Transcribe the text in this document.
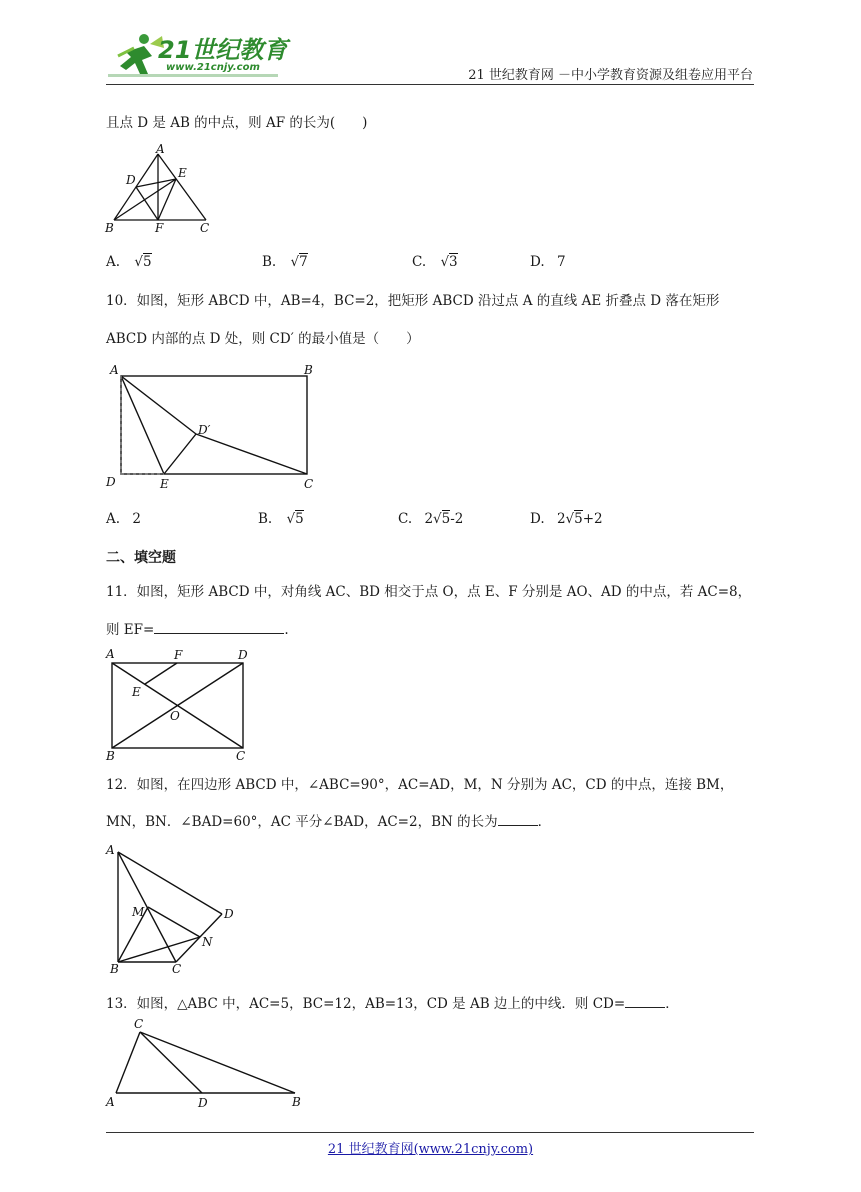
21世纪教育
www.21cnjy.com
21 世纪教育网 －中小学教育资源及组卷应用平台
且点 D 是 AB 的中点，则 AF 的长为(　　)
A
D	E
B	F	C
A. √5	B. √7	C. √3	D. 7
10．如图，矩形 ABCD 中，AB=4，BC=2，把矩形 ABCD 沿过点 A 的直线 AE 折叠点 D 落在矩形
ABCD 内部的点 D 处，则 CD′ 的最小值是（　　）
A	B
D′
D	E	C
A. 2	B. √5	C. 2√5-2	D. 2√5+2
二、填空题
11．如图，矩形 ABCD 中，对角线 AC、BD 相交于点 O，点 E、F 分别是 AO、AD 的中点，若 AC=8，
则 EF=	.
A	F	D
E
O
B	C
12．如图，在四边形 ABCD 中，∠ABC=90°，AC=AD，M，N 分别为 AC，CD 的中点，连接 BM，
MN，BN．∠BAD=60°，AC 平分∠BAD，AC=2，BN 的长为	．
A
M	D
N
B	C
13．如图，△ABC 中，AC=5，BC=12，AB=13，CD 是 AB 边上的中线．则 CD=	．
C
A	D	B
21 世纪教育网(www.21cnjy.com)
